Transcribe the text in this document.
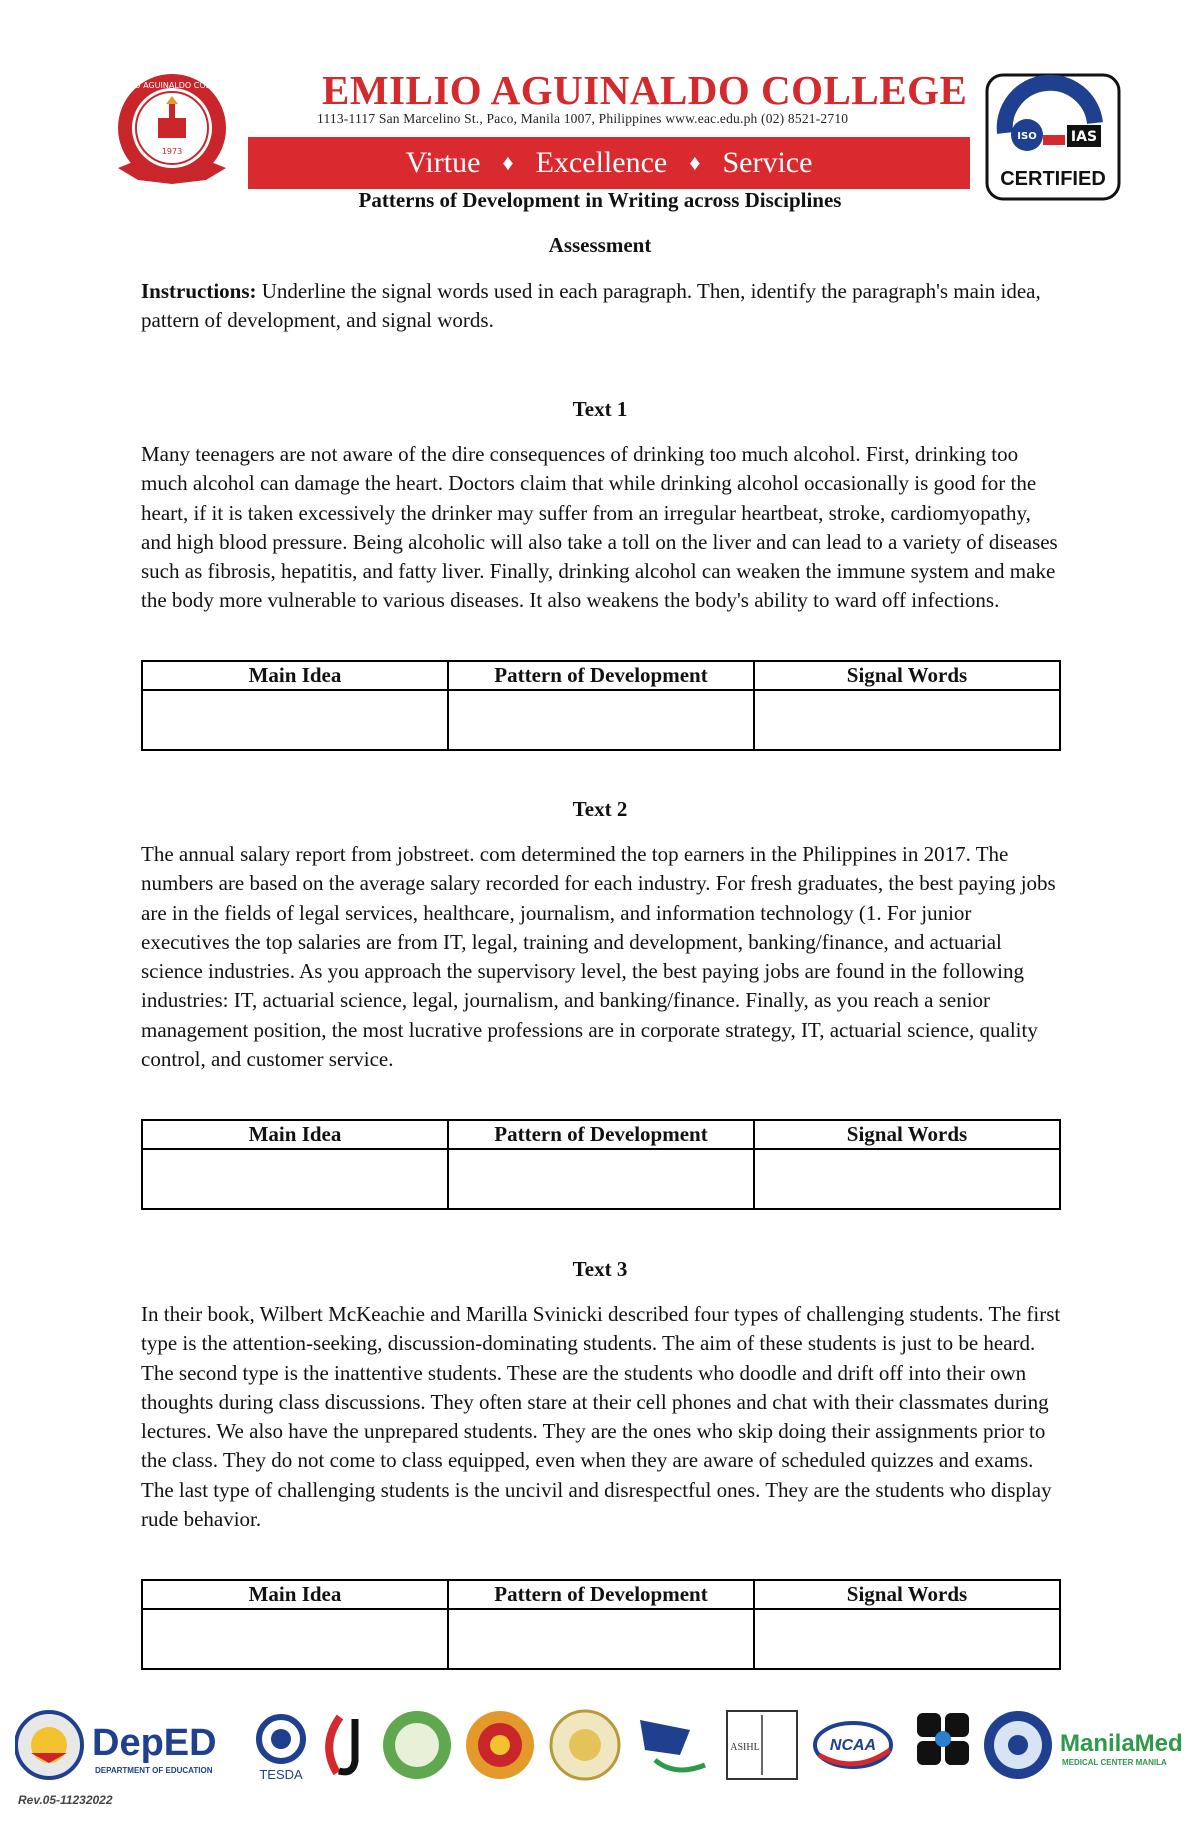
EMILIO AGUINALDO COLLEGE
1973
EMILIO AGUINALDO COLLEGE
1113-1117 San Marcelino St., Paco, Manila 1007, Philippines www.eac.edu.ph (02) 8521-2710
Virtue ♦ Excellence ♦ Service
ISO IAS
CERTIFIED
Patterns of Development in Writing across Disciplines
Assessment
Instructions: Underline the signal words used in each paragraph. Then, identify the paragraph's main idea, pattern of development, and signal words.
Text 1
Many teenagers are not aware of the dire consequences of drinking too much alcohol. First, drinking too much alcohol can damage the heart. Doctors claim that while drinking alcohol occasionally is good for the heart, if it is taken excessively the drinker may suffer from an irregular heartbeat, stroke, cardiomyopathy, and high blood pressure. Being alcoholic will also take a toll on the liver and can lead to a variety of diseases such as fibrosis, hepatitis, and fatty liver. Finally, drinking alcohol can weaken the immune system and make the body more vulnerable to various diseases. It also weakens the body's ability to ward off infections.
Main Idea	Pattern of Development	Signal Words

Text 2
The annual salary report from jobstreet. com determined the top earners in the Philippines in 2017. The numbers are based on the average salary recorded for each industry. For fresh graduates, the best paying jobs are in the fields of legal services, healthcare, journalism, and information technology (1. For junior executives the top salaries are from IT, legal, training and development, banking/finance, and actuarial science industries. As you approach the supervisory level, the best paying jobs are found in the following industries: IT, actuarial science, legal, journalism, and banking/finance. Finally, as you reach a senior management position, the most lucrative professions are in corporate strategy, IT, actuarial science, quality control, and customer service.
Main Idea	Pattern of Development	Signal Words

Text 3
In their book, Wilbert McKeachie and Marilla Svinicki described four types of challenging students. The first type is the attention-seeking, discussion-dominating students. The aim of these students is just to be heard. The second type is the inattentive students. These are the students who doodle and drift off into their own thoughts during class discussions. They often stare at their cell phones and chat with their classmates during lectures. We also have the unprepared students. They are the ones who skip doing their assignments prior to the class. They do not come to class equipped, even when they are aware of scheduled quizzes and exams. The last type of challenging students is the uncivil and disrespectful ones. They are the students who display rude behavior.
Main Idea	Pattern of Development	Signal Words

DepED
DEPARTMENT OF EDUCATION	TESDA
ASIHL	NCAA	ManilaMed
MEDICAL CENTER MANILA
Rev.05-11232022
